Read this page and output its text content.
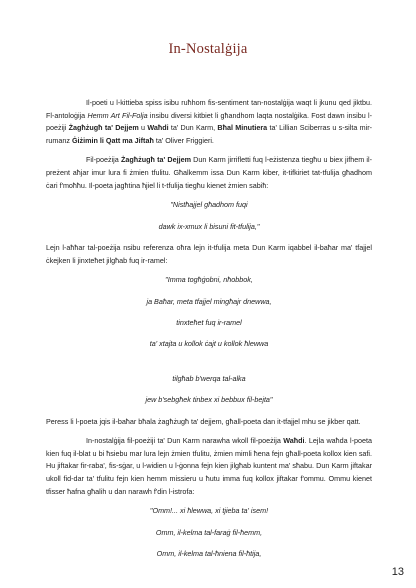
In-Nostalġija

Il-poeti u l-kittieba spiss isibu ruħhom fis-sentiment tan-nostalġija waqt li jkunu qed jiktbu. Fl-antoloġija Hemm Art Fil-Folja insibu diversi kitbiet li għandhom laqta nostalġika. Fost dawn insibu l-poeżiji Żagħżugħ ta' Dejjem u Waħdi ta' Dun Karm, Bħal Minutiera ta' Lillian Sciberras u s-silta mir-rumanz Ġiżimin li Qatt ma Jiftaħ ta' Oliver Friggieri.

Fil-poeżija Żagħżugħ ta' Dejjem Dun Karm jirrifletti fuq l-eżistenza tiegħu u biex jifhem il-preżent aħjar imur lura fi żmien tfulitu. Għalkemm issa Dun Karm kiber, it-tifkiriet tat-tfulija għadhom ċari f'moħħu. Il-poeta jagħtina ħjiel li t-tfulija tiegħu kienet żmien sabiħ:

"Nistħajjel għadhom fuqi

dawk ix-xmux li bisuni fit-tfulija,"

Lejn l-aħħar tal-poeżija nsibu referenza oħra lejn it-tfulija meta Dun Karm iqabbel il-baħar ma' tfajjel ċkejken li jinxteħet jilgħab fuq ir-ramel:

"Imma togħġobni, nħobbok,

ja Baħar, meta tfajjel mingħajr dnewwa,

tinxteħet fuq ir-ramel

ta' xtajta u kollok ċajt u kollok ħlewwa

tilgħab b'werqa tal-alka

jew b'sebgħek tinbex xi bebbux fil-bejta"

Peress li l-poeta jqis il-baħar bħala żagħżugħ ta' dejjem, għall-poeta dan it-tfajjel mhu se jikber qatt.

In-nostalġija fil-poeżiji ta' Dun Karm narawha wkoll fil-poeżija Waħdi. Lejla waħda l-poeta kien fuq il-blat u bi ħsiebu mar lura lejn żmien tfulitu, żmien mimli ħena fejn għall-poeta kollox kien safi. Hu jiftakar fir-raba', fis-sġar, u l-widien u l-ġonna fejn kien jilgħab kuntent ma' sħabu. Dun Karm jiftakar ukoll fid-dar ta' tfulitu fejn kien hemm missieru u ħutu imma fuq kollox jiftakar f'ommu. Ommu kienet tfisser ħafna għalih u dan narawh f'din l-istrofa:

"Omm!... xi ħlewwa, xi tjieba ta' isem!

Omm, il-kelma tal-faraġ fil-ħemm,

Omm, il-kelma tal-ħniena fil-ħtija,

13
